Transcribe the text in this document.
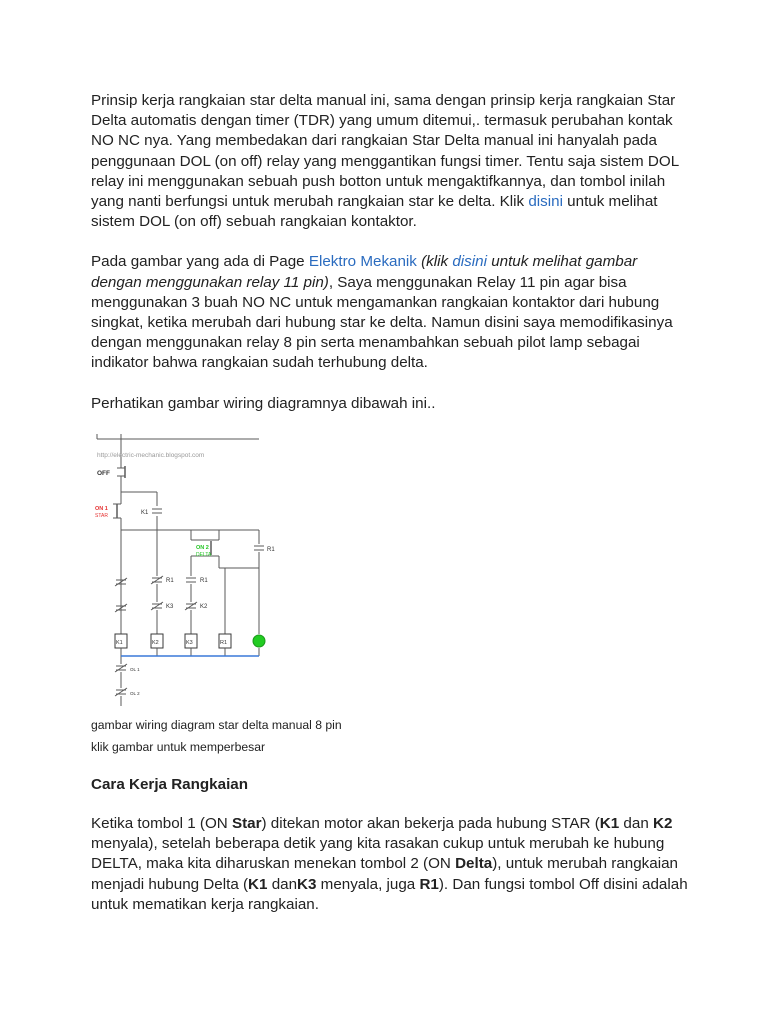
Prinsip kerja rangkaian star delta manual ini, sama dengan prinsip kerja rangkaian Star Delta automatis dengan timer (TDR) yang umum ditemui,. termasuk perubahan kontak NO NC nya. Yang membedakan dari rangkaian Star Delta manual ini hanyalah pada penggunaan DOL (on off) relay yang menggantikan fungsi timer. Tentu saja sistem DOL relay ini menggunakan sebuah push botton untuk mengaktifkannya, dan tombol inilah yang nanti berfungsi untuk merubah rangkaian star ke delta. Klik disini untuk melihat sistem DOL (on off) sebuah rangkaian kontaktor.

Pada gambar yang ada di Page Elektro Mekanik (klik disini untuk melihat gambar dengan menggunakan relay 11 pin), Saya menggunakan Relay 11 pin agar bisa menggunakan 3 buah NO NC untuk mengamankan rangkaian kontaktor dari hubung singkat, ketika merubah dari hubung star ke delta. Namun disini saya memodifikasinya dengan menggunakan relay 8 pin serta menambahkan sebuah pilot lamp sebagai indikator bahwa rangkaian sudah terhubung delta.

Perhatikan gambar wiring diagramnya dibawah ini..

http://electric-mechanic.blogspot.com
OFF
ON 1
STAR	K1
ON 2
DELTA
R1
R1	R1
K3	K2
K1	K2	K3	R1
OL 1
OL 2
gambar wiring diagram star delta manual 8 pin
klik gambar untuk memperbesar
Cara Kerja Rangkaian

Ketika tombol 1 (ON Star) ditekan motor akan bekerja pada hubung STAR (K1 dan K2 menyala), setelah beberapa detik yang kita rasakan cukup untuk merubah ke hubung DELTA, maka kita diharuskan menekan tombol 2 (ON Delta), untuk merubah rangkaian menjadi hubung Delta (K1 danK3 menyala, juga R1). Dan fungsi tombol Off disini adalah untuk mematikan kerja rangkaian.
